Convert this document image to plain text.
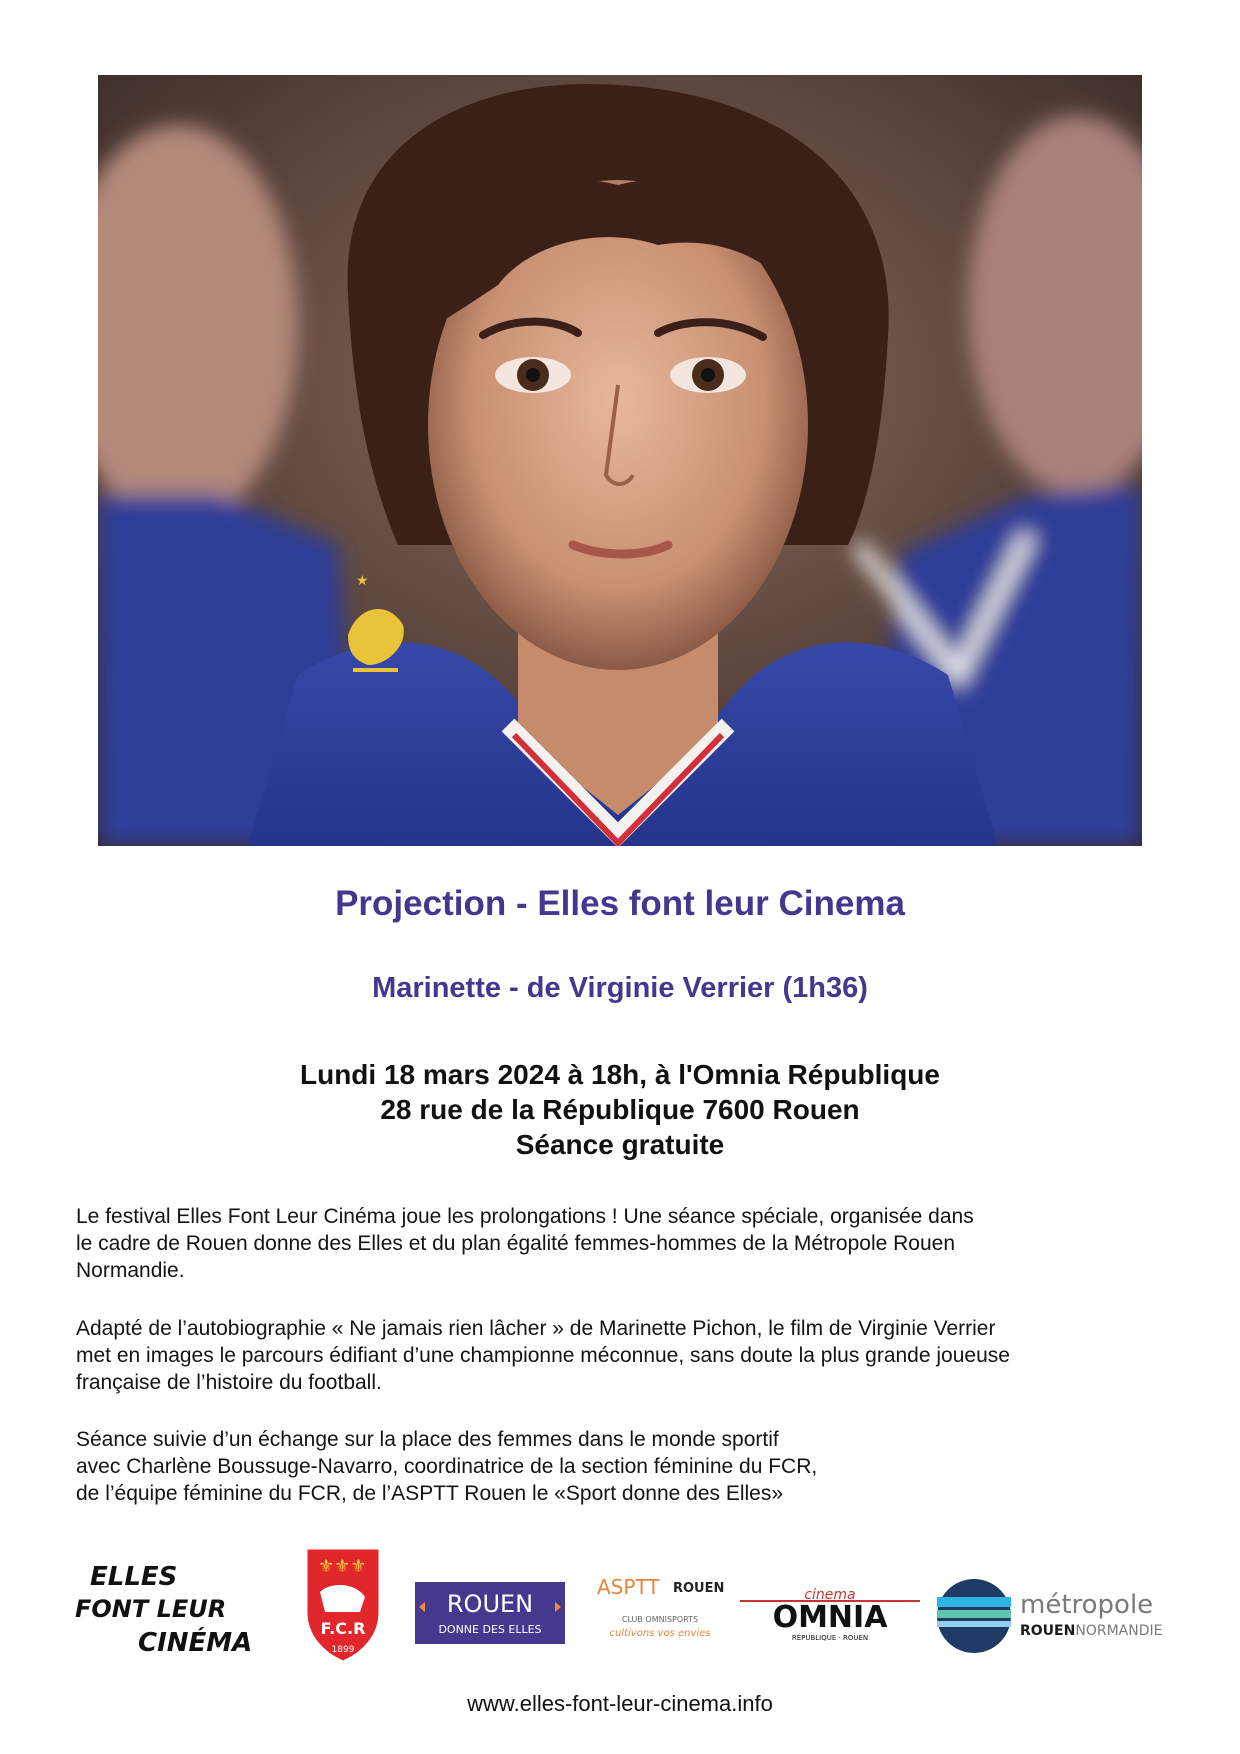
★
Projection - Elles font leur Cinema
Marinette - de Virginie Verrier (1h36)
Lundi 18 mars 2024 à 18h, à l'Omnia République
28 rue de la République 7600 Rouen
Séance gratuite
Le festival Elles Font Leur Cinéma joue les prolongations ! Une séance spéciale, organisée dans
le cadre de Rouen donne des Elles et du plan égalité femmes-hommes de la Métropole Rouen
Normandie.
Adapté de l’autobiographie « Ne jamais rien lâcher » de Marinette Pichon, le film de Virginie Verrier
met en images le parcours édifiant d’une championne méconnue, sans doute la plus grande joueuse
française de l’histoire du football.
Séance suivie d’un échange sur la place des femmes dans le monde sportif
avec Charlène Boussuge-Navarro, coordinatrice de la section féminine du FCR,
de l’équipe féminine du FCR, de l’ASPTT Rouen le «Sport donne des Elles»
ELLES
FONT LEUR
CINÉMA
⚜⚜⚜
F.C.R
1899
ROUEN
DONNE DES ELLES
ASPTT ROUEN
CLUB OMNISPORTS
cultivons vos envies
cinema
OMNIA
RÉPUBLIQUE · ROUEN
métropole
ROUENNORMANDIE
www.elles-font-leur-cinema.info
